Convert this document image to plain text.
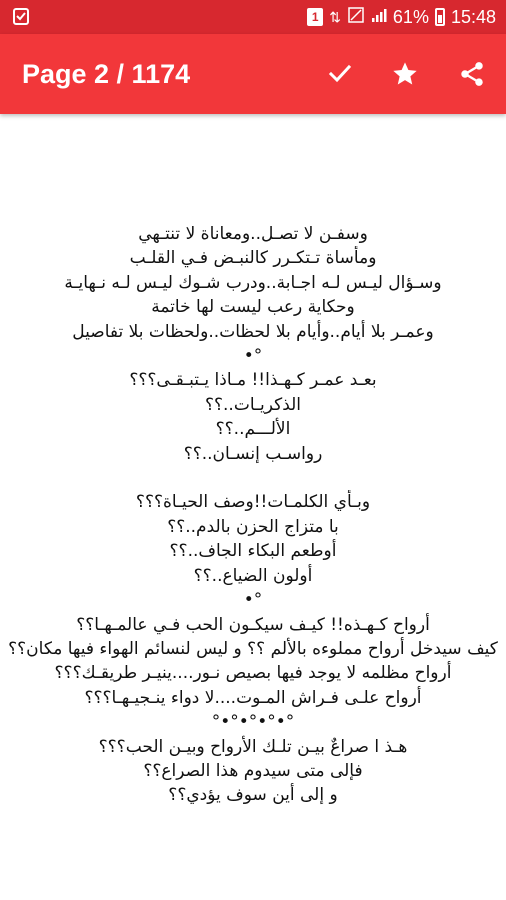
1 ⇅	61% 15:48
Page 2 / 1174

وسفـن لا تصـل..ومعاناة لا تنتـهي

ومأساة تـتكـرر كالنبـض فـي القلـب

وسـؤال ليـس لـه اجـابة..ودرب شـوك ليـس لـه نـهايـة

وحكاية رعب ليست لها خاتمة

وعمـر بلا أيام..وأيام بلا لحظات..ولحظات بلا تفاصيل

°•

بعـد عمـر كـهـذا!! مـاذا يـتبـقـى؟؟؟

الذكريـات..؟؟

الألـــم..؟؟

رواسـب إنسـان..؟؟

وبـأي الكلمـات!!وصف الحيـاة؟؟؟

با متزاج الحزن بالدم..؟؟

أوطعم البكاء الجاف..؟؟

أولون الضياع..؟؟

°•

أرواح كـهـذه!! كيـف سيكـون الحب فـي عالمـهـا؟؟

كيف سيدخل أرواح مملوءه بالألم ؟؟ و ليس لنسائم الهواء فيها مكان؟؟

أرواح مظلمه لا يوجد فيها بصيص نـور....ينيـر طريقـك؟؟؟

أرواح علـى فـراش المـوت....لا دواء ينـجيـهـا؟؟؟

°•°•°•°•°

هـذ ا صراعٌ بيـن تلـك الأرواح وبيـن الحب؟؟؟

فإلى متى سيدوم هذا الصراع؟؟

و إلى أين سوف يؤدي؟؟
